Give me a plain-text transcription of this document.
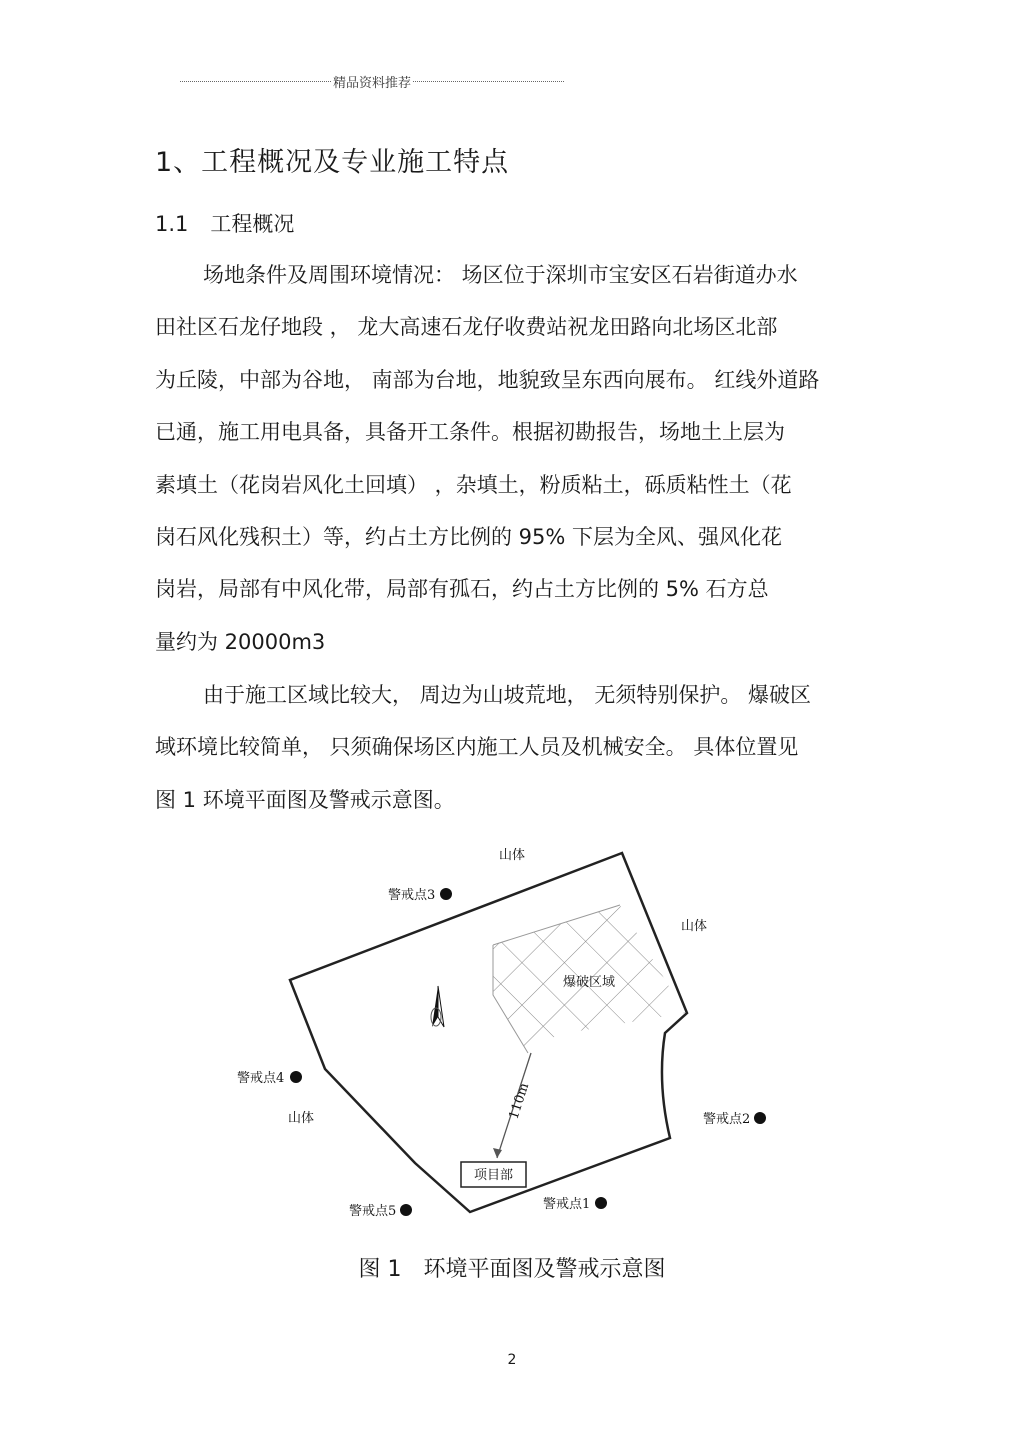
精品资料推荐
1、工程概况及专业施工特点
1.1 工程概况
场地条件及周围环境情况： 场区位于深圳市宝安区石岩街道办水
田社区石龙仔地段 ， 龙大高速石龙仔收费站祝龙田路向北场区北部
为丘陵，中部为谷地， 南部为台地，地貌致呈东西向展布。 红线外道路
已通，施工用电具备，具备开工条件。根据初勘报告，场地土上层为
素填土（花岗岩风化土回填） ，杂填土，粉质粘土，砾质粘性土（花
岗石风化残积土）等，约占土方比例的 95% 下层为全风、强风化花
岗岩，局部有中风化带，局部有孤石，约占土方比例的 5% 石方总
量约为 20000m3
由于施工区域比较大， 周边为山坡荒地， 无须特别保护。 爆破区
域环境比较简单， 只须确保场区内施工人员及机械安全。 具体位置见
图 1 环境平面图及警戒示意图。
爆破区域
110m
项目部
山体
山体
山体
警戒点3
警戒点4
警戒点2
警戒点5	警戒点1
图 1 环境平面图及警戒示意图
2
